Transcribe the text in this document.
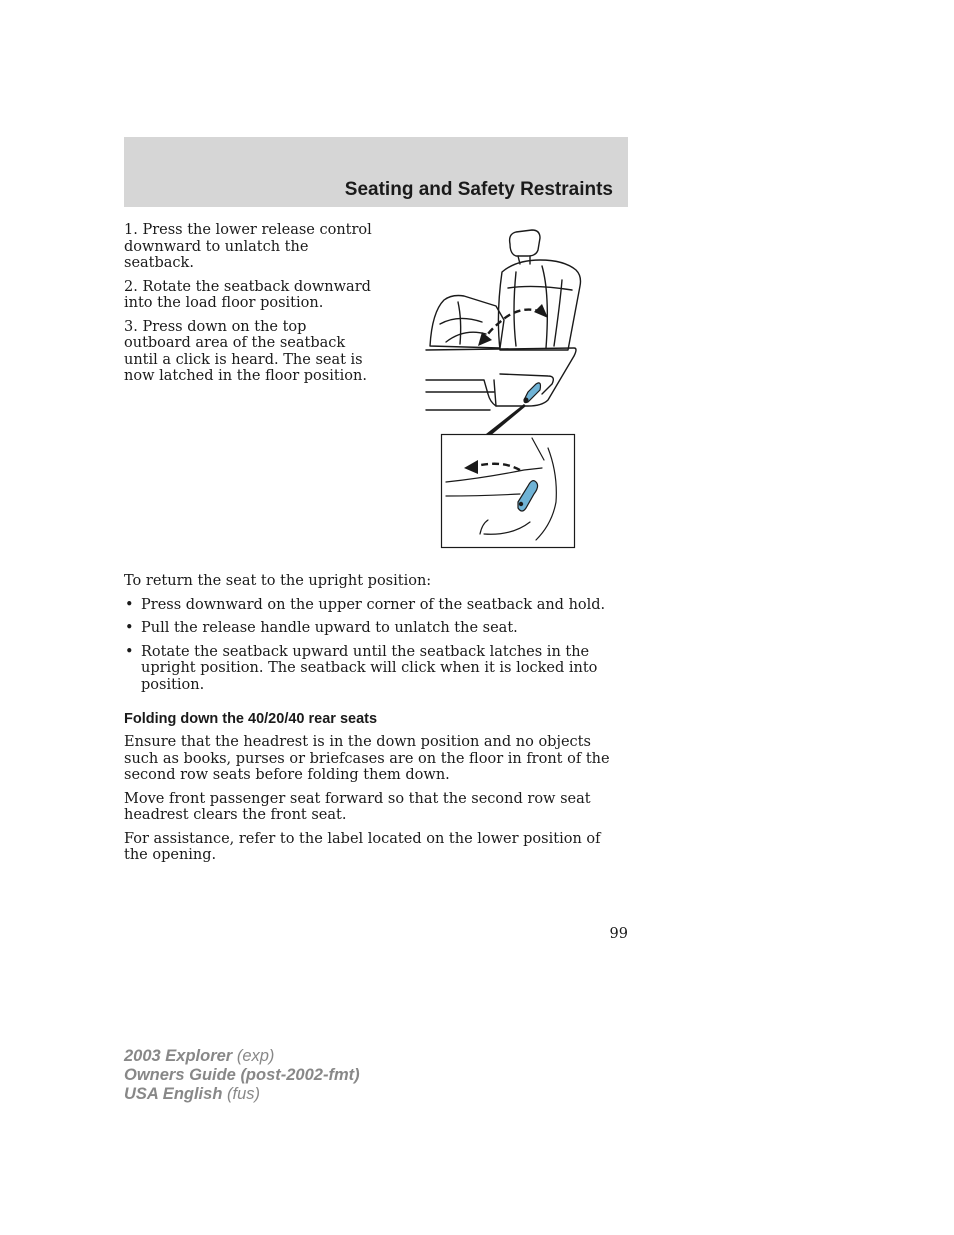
Seating and Safety Restraints

1. Press the lower release control downward to unlatch the seatback.

2. Rotate the seatback downward into the load floor position.

3. Press down on the top outboard area of the seatback until a click is heard. The seat is now latched in the floor position.

To return the seat to the upright position:

• Press downward on the upper corner of the seatback and hold.
• Pull the release handle upward to unlatch the seat.
• Rotate the seatback upward until the seatback latches in the upright position. The seatback will click when it is locked into position.
Folding down the 40/20/40 rear seats

Ensure that the headrest is in the down position and no objects such as books, purses or briefcases are on the floor in front of the second row seats before folding them down.

Move front passenger seat forward so that the second row seat headrest clears the front seat.

For assistance, refer to the label located on the lower position of the opening.

99
2003 Explorer (exp)
Owners Guide (post-2002-fmt)
USA English (fus)
